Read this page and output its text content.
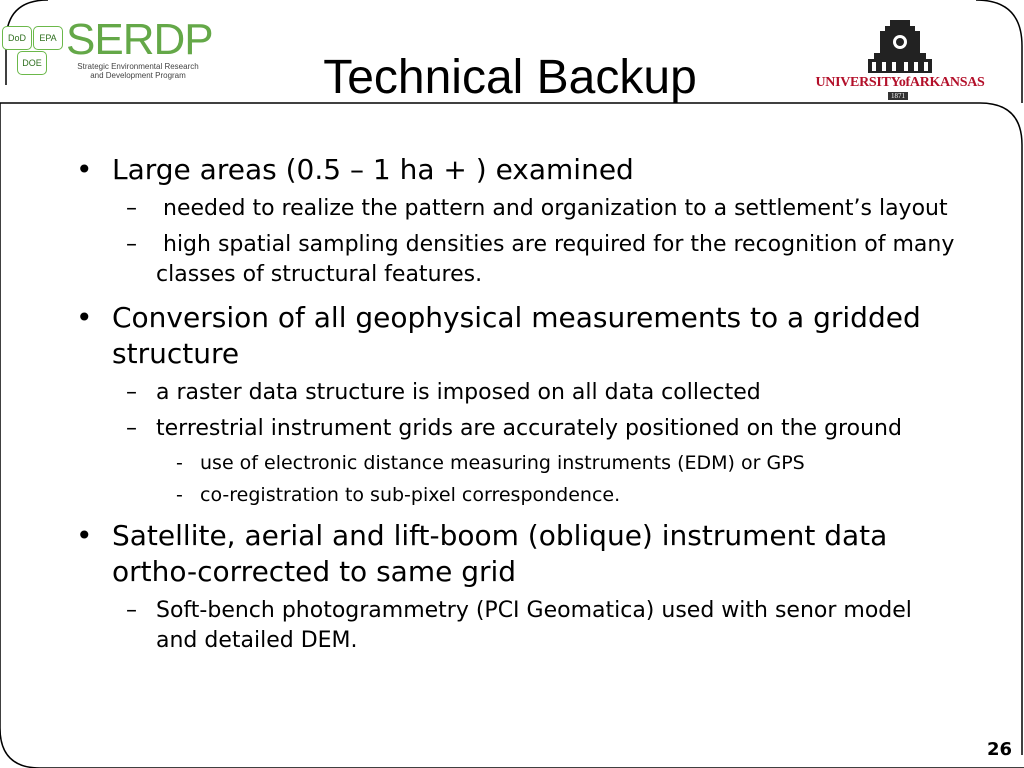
DoD	EPA
DOE SERDP
Strategic Environmental Research
and Development Program	UNIVERSITYofARKANSAS
1871
Technical Backup
• Large areas (0.5 – 1 ha + ) examined
– needed to realize the pattern and organization to a settlement’s layout
– high spatial sampling densities are required for the recognition of many classes of structural features.
• Conversion of all geophysical measurements to a gridded structure
– a raster data structure is imposed on all data collected
– terrestrial instrument grids are accurately positioned on the ground
- use of electronic distance measuring instruments (EDM) or GPS
- co-registration to sub-pixel correspondence.
• Satellite, aerial and lift-boom (oblique) instrument data ortho-corrected to same grid
– Soft-bench photogrammetry (PCI Geomatica) used with senor model and detailed DEM.
26
